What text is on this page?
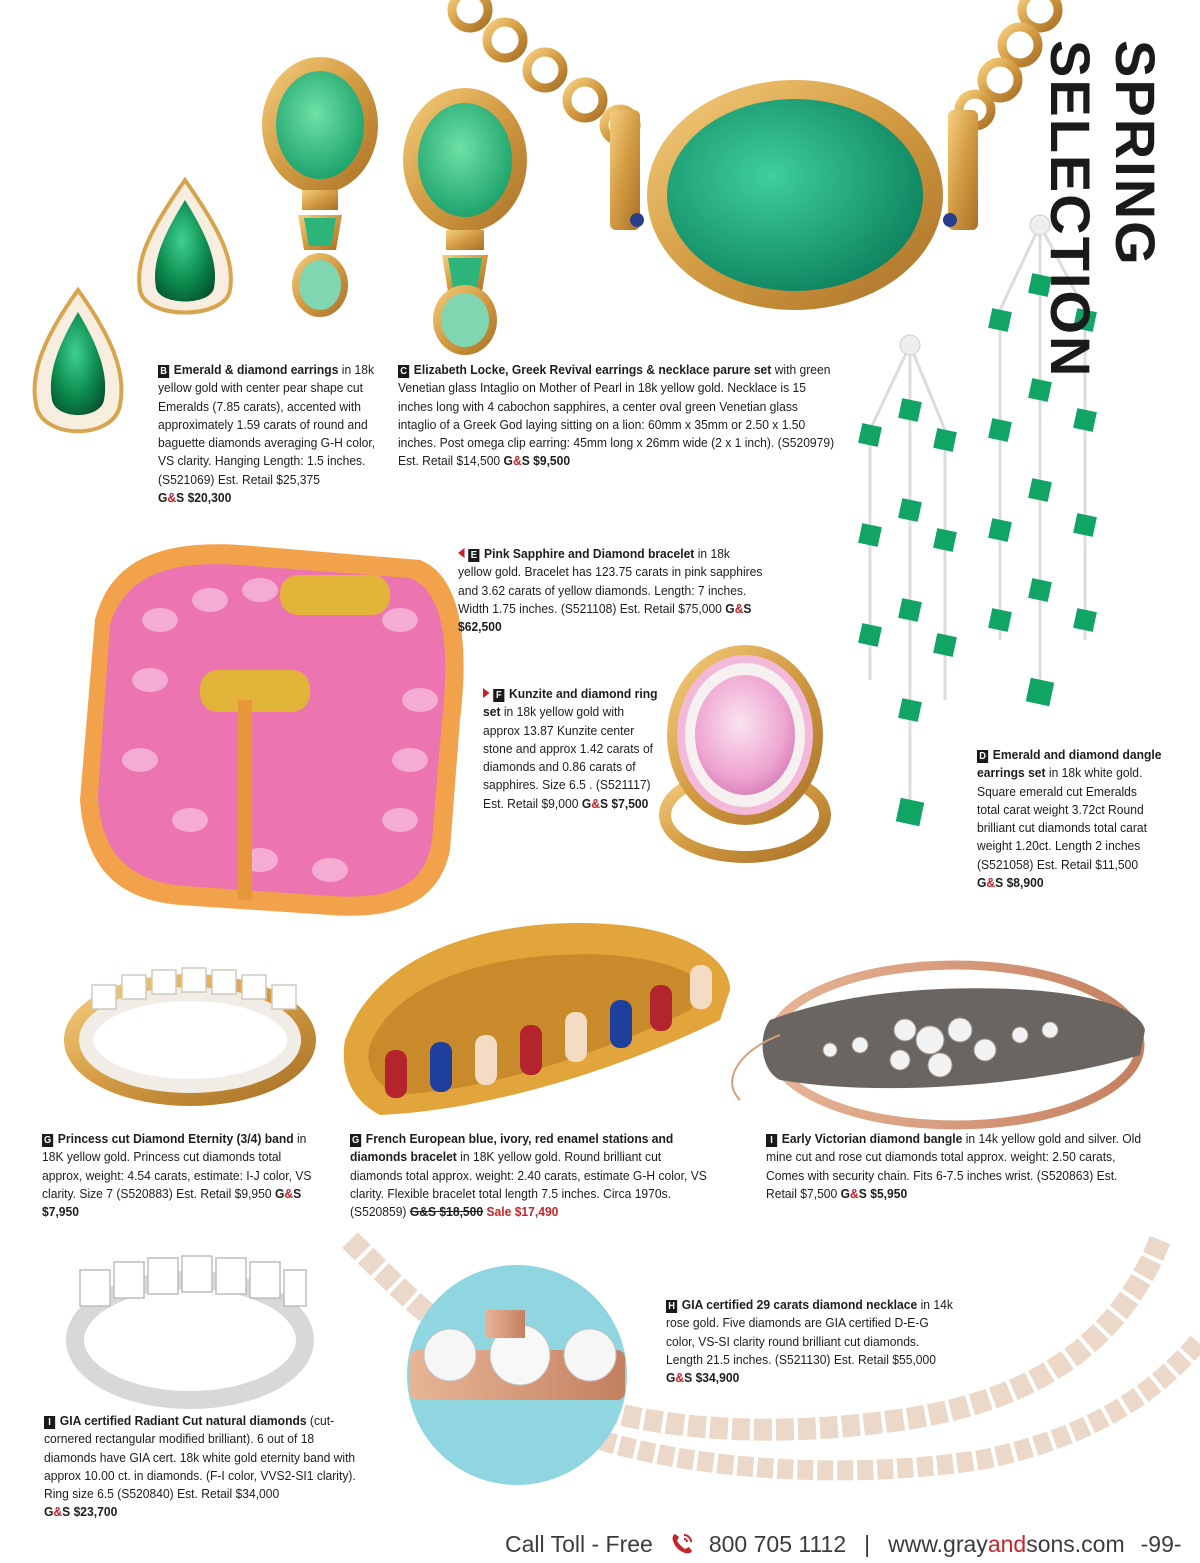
SPRING SELECTION
B Emerald & diamond earrings in 18k yellow gold with center pear shape cut Emeralds (7.85 carats), accented with approximately 1.59 carats of round and baguette diamonds averaging G-H color, VS clarity. Hanging Length: 1.5 inches. (S521069) Est. Retail $25,375
G&S $20,300
C Elizabeth Locke, Greek Revival earrings & necklace parure set with green Venetian glass Intaglio on Mother of Pearl in 18k yellow gold. Necklace is 15 inches long with 4 cabochon sapphires, a center oval green Venetian glass intaglio of a Greek God laying sitting on a lion: 60mm x 35mm or 2.50 x 1.50 inches. Post omega clip earring: 45mm long x 26mm wide (2 x 1 inch). (S520979) Est. Retail $14,500 G&S $9,500
E Pink Sapphire and Diamond bracelet in 18k yellow gold. Bracelet has 123.75 carats in pink sapphires and 3.62 carats of yellow diamonds. Length: 7 inches. Width 1.75 inches. (S521108) Est. Retail $75,000 G&S $62,500
F Kunzite and diamond ring set in 18k yellow gold with approx 13.87 Kunzite center stone and approx 1.42 carats of diamonds and 0.86 carats of sapphires. Size 6.5 . (S521117) Est. Retail $9,000 G&S $7,500
D Emerald and diamond dangle earrings set in 18k white gold. Square emerald cut Emeralds total carat weight 3.72ct Round brilliant cut diamonds total carat weight 1.20ct. Length 2 inches (S521058) Est. Retail $11,500
G&S $8,900
G Princess cut Diamond Eternity (3/4) band in 18K yellow gold. Princess cut diamonds total approx, weight: 4.54 carats, estimate: I-J color, VS clarity. Size 7 (S520883) Est. Retail $9,950 G&S $7,950
G French European blue, ivory, red enamel stations and diamonds bracelet in 18K yellow gold. Round brilliant cut diamonds total approx. weight: 2.40 carats, estimate G-H color, VS clarity. Flexible bracelet total length 7.5 inches. Circa 1970s. (S520859) G&S $18,500 Sale $17,490
I Early Victorian diamond bangle in 14k yellow gold and silver. Old mine cut and rose cut diamonds total approx. weight: 2.50 carats, Comes with security chain. Fits 6-7.5 inches wrist. (S520863) Est. Retail $7,500 G&S $5,950
H GIA certified 29 carats diamond necklace in 14k rose gold. Five diamonds are GIA certified D-E-G color, VS-SI clarity round brilliant cut diamonds. Length 21.5 inches. (S521130) Est. Retail $55,000
G&S $34,900
I GIA certified Radiant Cut natural diamonds (cut-cornered rectangular modified brilliant). 6 out of 18 diamonds have GIA cert. 18k white gold eternity band with approx 10.00 ct. in diamonds. (F-I color, VVS2-SI1 clarity). Ring size 6.5 (S520840) Est. Retail $34,000
G&S $23,700
Call Toll - Free 800 705 1112 | www.grayandsons.com -99-
